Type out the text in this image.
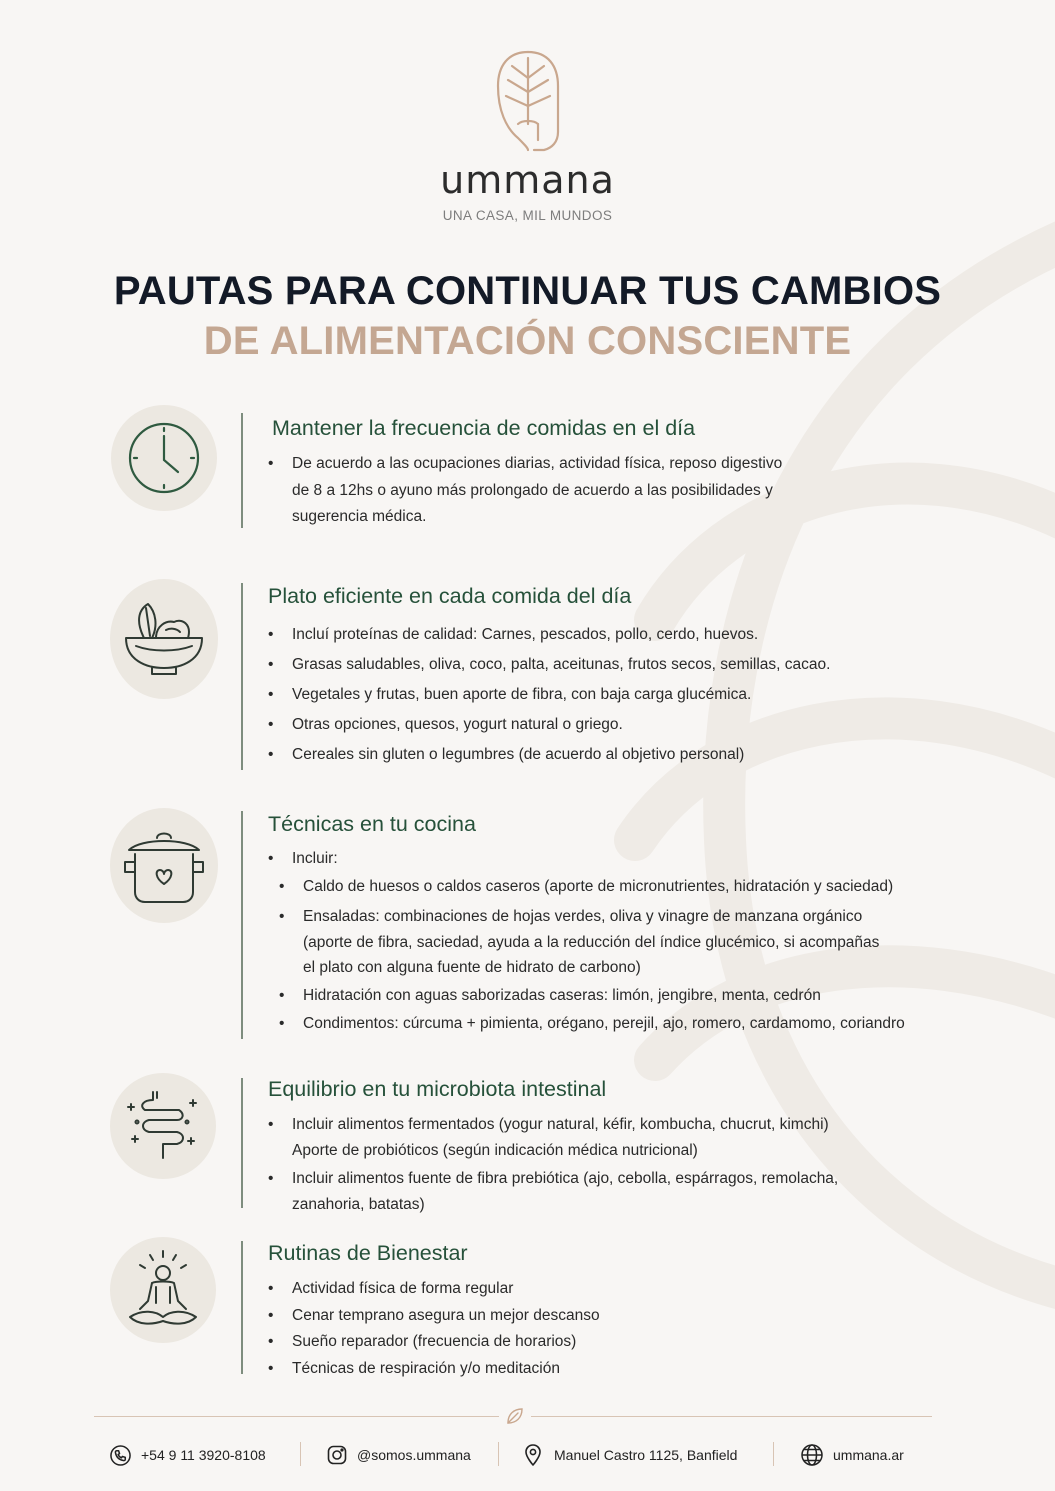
ummana
UNA CASA, MIL MUNDOS
PAUTAS PARA CONTINUAR TUS CAMBIOS
DE ALIMENTACIÓN CONSCIENTE
Mantener la frecuencia de comidas en el día
• De acuerdo a las ocupaciones diarias, actividad física, reposo digestivo
de 8 a 12hs o ayuno más prolongado de acuerdo a las posibilidades y
sugerencia médica.
Plato eficiente en cada comida del día
• Incluí proteínas de calidad: Carnes, pescados, pollo, cerdo, huevos.
• Grasas saludables, oliva, coco, palta, aceitunas, frutos secos, semillas, cacao.
• Vegetales y frutas, buen aporte de fibra, con baja carga glucémica.
• Otras opciones, quesos, yogurt natural o griego.
• Cereales sin gluten o legumbres (de acuerdo al objetivo personal)
Técnicas en tu cocina
• Incluir:
• Caldo de huesos o caldos caseros (aporte de micronutrientes, hidratación y saciedad)
• Ensaladas: combinaciones de hojas verdes, oliva y vinagre de manzana orgánico
(aporte de fibra, saciedad, ayuda a la reducción del índice glucémico, si acompañas
el plato con alguna fuente de hidrato de carbono)
• Hidratación con aguas saborizadas caseras: limón, jengibre, menta, cedrón
• Condimentos: cúrcuma + pimienta, orégano, perejil, ajo, romero, cardamomo, coriandro
Equilibrio en tu microbiota intestinal
• Incluir alimentos fermentados (yogur natural, kéfir, kombucha, chucrut, kimchi)
Aporte de probióticos (según indicación médica nutricional)
• Incluir alimentos fuente de fibra prebiótica (ajo, cebolla, espárragos, remolacha,
zanahoria, batatas)
Rutinas de Bienestar
• Actividad física de forma regular
• Cenar temprano asegura un mejor descanso
• Sueño reparador (frecuencia de horarios)
• Técnicas de respiración y/o meditación
+54 9 11 3920-8108	@somos.ummana	Manuel Castro 1125, Banfield	ummana.ar
